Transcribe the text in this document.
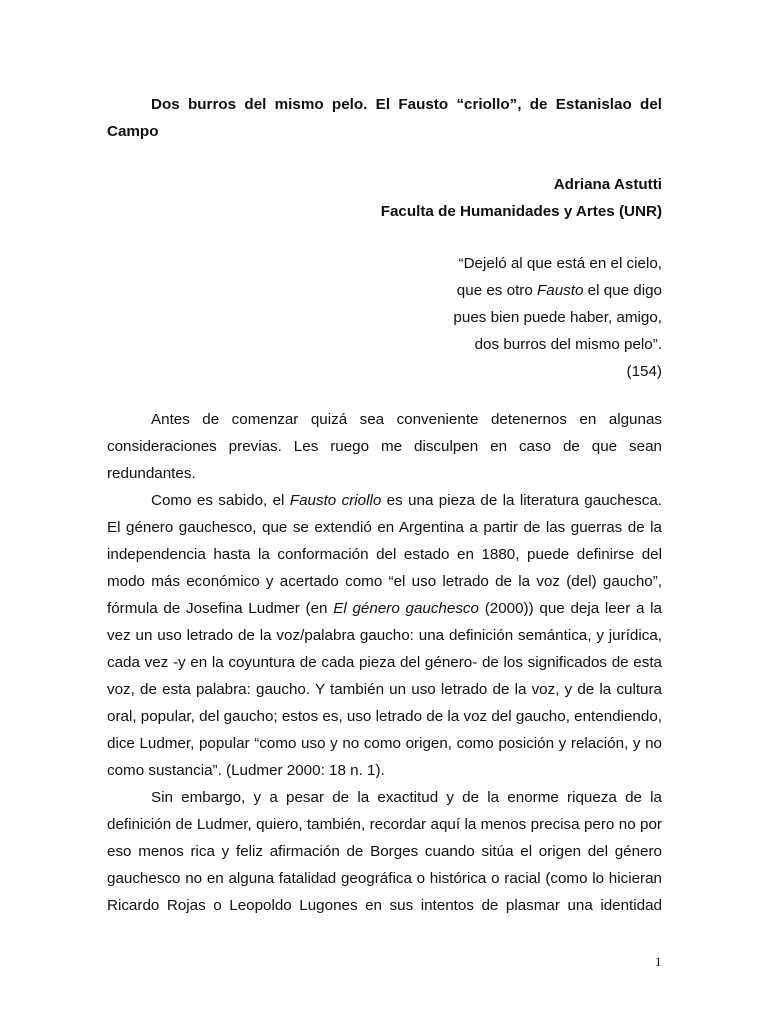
Dos burros del mismo pelo. El Fausto “criollo”, de Estanislao del
Campo
Adriana Astutti
Faculta de Humanidades y Artes (UNR)
“Dejeló al que está en el cielo,
que es otro Fausto el que digo
pues bien puede haber, amigo,
dos burros del mismo pelo”.
(154)
Antes de comenzar quizá sea conveniente detenernos en algunas
consideraciones previas. Les ruego me disculpen en caso de que sean
redundantes.
Como es sabido, el Fausto criollo es una pieza de la literatura gauchesca.
El género gauchesco, que se extendió en Argentina a partir de las guerras de la
independencia hasta la conformación del estado en 1880, puede definirse del
modo más económico y acertado como “el uso letrado de la voz (del) gaucho”,
fórmula de Josefina Ludmer (en El género gauchesco (2000)) que deja leer a la
vez un uso letrado de la voz/palabra gaucho: una definición semántica, y jurídica,
cada vez -y en la coyuntura de cada pieza del género- de los significados de esta
voz, de esta palabra: gaucho. Y también un uso letrado de la voz, y de la cultura
oral, popular, del gaucho; estos es, uso letrado de la voz del gaucho, entendiendo,
dice Ludmer, popular “como uso y no como origen, como posición y relación, y no
como sustancia”. (Ludmer 2000: 18 n. 1).
Sin embargo, y a pesar de la exactitud y de la enorme riqueza de la
definición de Ludmer, quiero, también, recordar aquí la menos precisa pero no por
eso menos rica y feliz afirmación de Borges cuando sitúa el origen del género
gauchesco no en alguna fatalidad geográfica o histórica o racial (como lo hicieran
Ricardo Rojas o Leopoldo Lugones en sus intentos de plasmar una identidad
1
